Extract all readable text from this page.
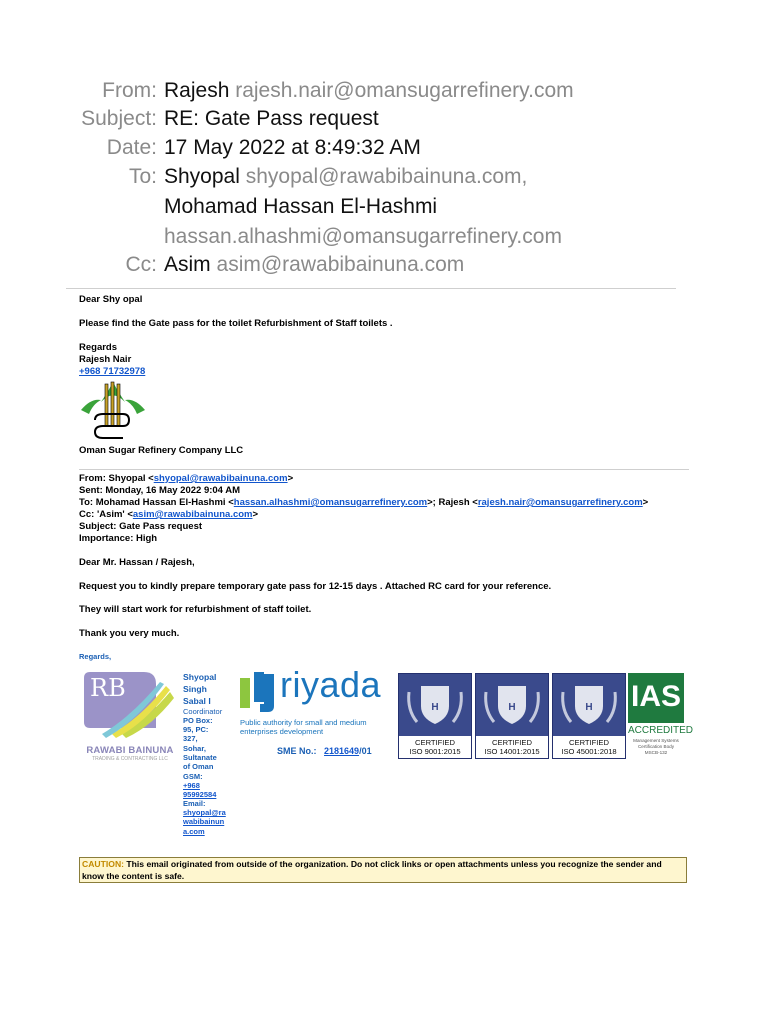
From: Rajesh rajesh.nair@omansugarrefinery.com
Subject: RE: Gate Pass request
Date: 17 May 2022 at 8:49:32 AM
To: Shyopal shyopal@rawabibainuna.com,
Mohamad Hassan El-Hashmi
hassan.alhashmi@omansugarrefinery.com
Cc: Asim asim@rawabibainuna.com
Dear Shy opal
Please find the Gate pass for the toilet Refurbishment of Staff toilets .
Regards
Rajesh Nair
+968 71732978
Oman Sugar Refinery Company LLC
From: Shyopal <shyopal@rawabibainuna.com>
Sent: Monday, 16 May 2022 9:04 AM
To: Mohamad Hassan El-Hashmi <hassan.alhashmi@omansugarrefinery.com>; Rajesh <rajesh.nair@omansugarrefinery.com>
Cc: 'Asim' <asim@rawabibainuna.com>
Subject: Gate Pass request
Importance: High
Dear Mr. Hassan / Rajesh,
Request you to kindly prepare temporary gate pass for 12-15 days . Attached RC card for your reference.
They will start work for refurbishment of staff toilet.
Thank you very much.
Regards,
RB
RAWABI BAINUNA
TRADING & CONTRACTING LLC
Shyopal
Singh
Sabal I
Coordinator
PO Box:
95, PC:
327,
Sohar,
Sultanate
of Oman
GSM:
+968
95992584
Email:
shyopal@ra
wabibainun
a.com
riyada
Public authority for small and medium
enterprises development
SME No.: 2181649/01
H
CERTIFIED
ISO 9001:2015
H
CERTIFIED
ISO 14001:2015
H
CERTIFIED
ISO 45001:2018
IAS
ACCREDITED
Management Systems
Certification Body
MSCB-132
CAUTION: This email originated from outside of the organization. Do not click links or open attachments unless you recognize the sender and know the content is safe.
